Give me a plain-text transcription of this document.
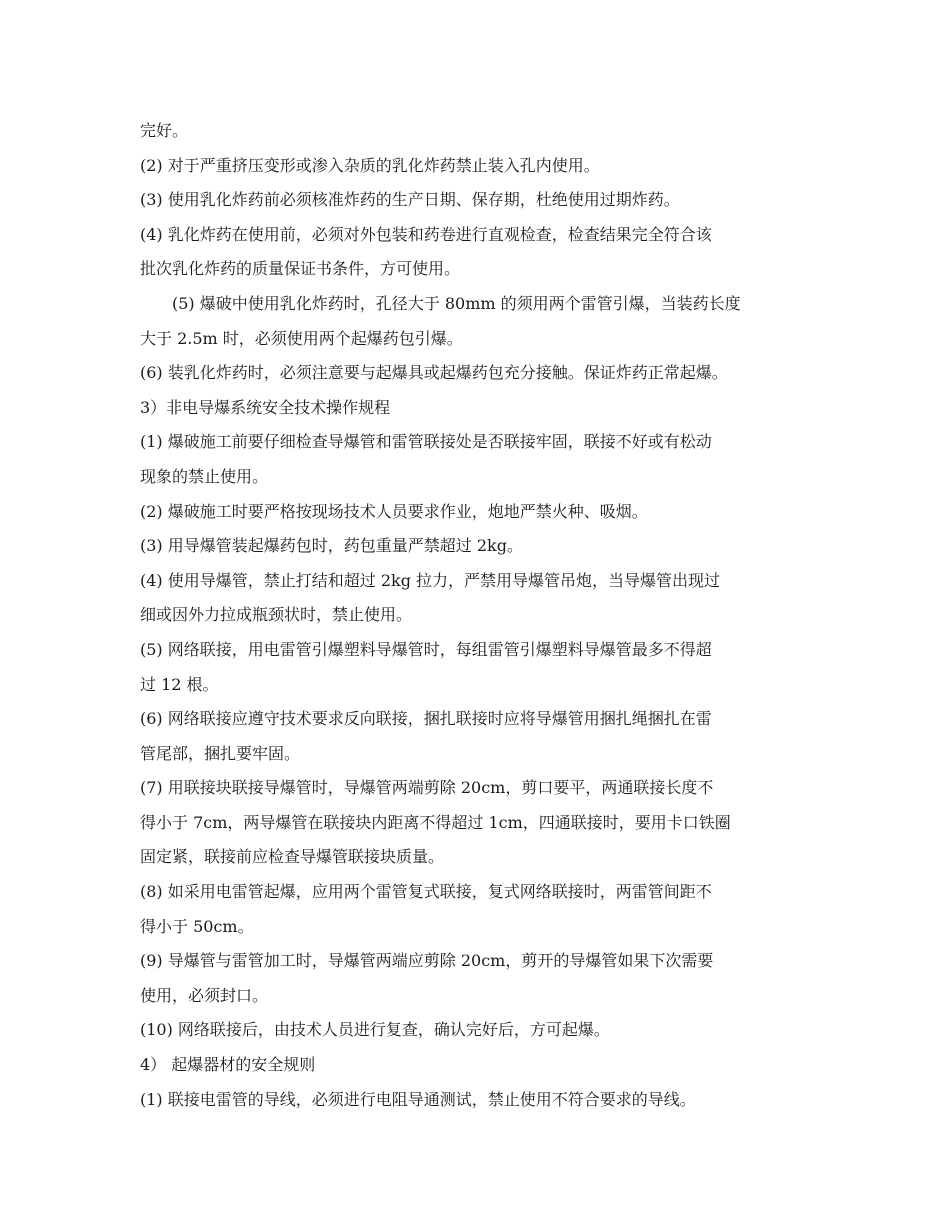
完好。
(2) 对于严重挤压变形或渗入杂质的乳化炸药禁止装入孔内使用。
(3) 使用乳化炸药前必须核准炸药的生产日期、保存期，杜绝使用过期炸药。
(4) 乳化炸药在使用前，必须对外包装和药卷进行直观检查，检查结果完全符合该
批次乳化炸药的质量保证书条件，方可使用。
(5) 爆破中使用乳化炸药时，孔径大于 80mm 的须用两个雷管引爆，当装药长度
大于 2.5m 时，必须使用两个起爆药包引爆。
(6) 装乳化炸药时，必须注意要与起爆具或起爆药包充分接触。保证炸药正常起爆。
3）非电导爆系统安全技术操作规程
(1) 爆破施工前要仔细检查导爆管和雷管联接处是否联接牢固，联接不好或有松动
现象的禁止使用。
(2) 爆破施工时要严格按现场技术人员要求作业，炮地严禁火种、吸烟。
(3) 用导爆管装起爆药包时，药包重量严禁超过 2kg。
(4) 使用导爆管，禁止打结和超过 2kg 拉力，严禁用导爆管吊炮，当导爆管出现过
细或因外力拉成瓶颈状时，禁止使用。
(5) 网络联接，用电雷管引爆塑料导爆管时，每组雷管引爆塑料导爆管最多不得超
过 12 根。
(6) 网络联接应遵守技术要求反向联接，捆扎联接时应将导爆管用捆扎绳捆扎在雷
管尾部，捆扎要牢固。
(7) 用联接块联接导爆管时，导爆管两端剪除 20cm，剪口要平，两通联接长度不
得小于 7cm，两导爆管在联接块内距离不得超过 1cm，四通联接时，要用卡口铁圈
固定紧，联接前应检查导爆管联接块质量。
(8) 如采用电雷管起爆，应用两个雷管复式联接，复式网络联接时，两雷管间距不
得小于 50cm。
(9) 导爆管与雷管加工时，导爆管两端应剪除 20cm，剪开的导爆管如果下次需要
使用，必须封口。
(10) 网络联接后，由技术人员进行复查，确认完好后，方可起爆。
4） 起爆器材的安全规则
(1) 联接电雷管的导线，必须进行电阻导通测试，禁止使用不符合要求的导线。
